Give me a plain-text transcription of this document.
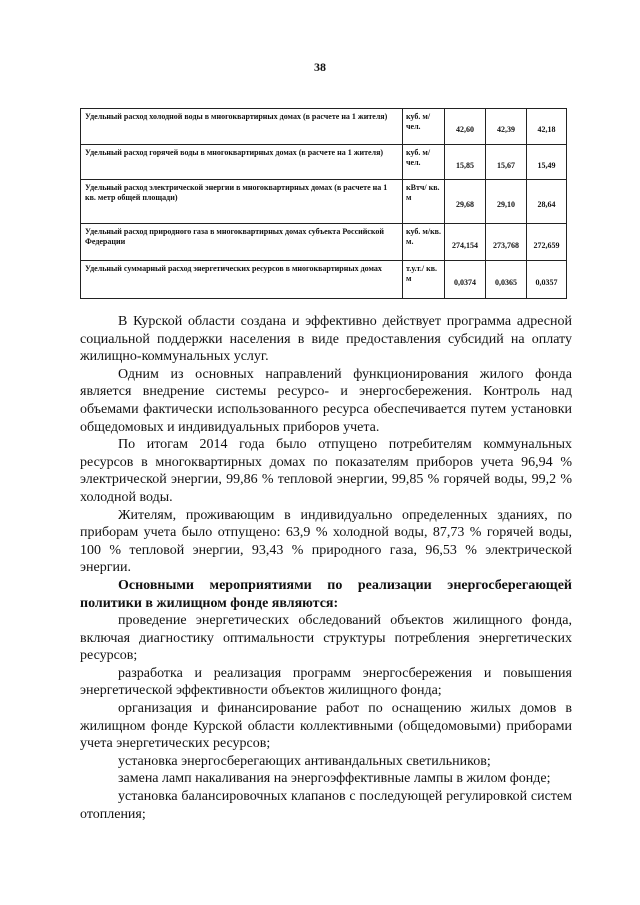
38
Удельный расход холодной воды в многоквартирных домах (в расчете на 1 жителя)	куб. м/чел.	42,60	42,39	42,18
Удельный расход горячей воды в многоквартирных домах (в расчете на 1 жителя)	куб. м/чел.	15,85	15,67	15,49
Удельный расход электрической энергии в многоквартирных домах (в расчете на 1 кв. метр общей площади)	кВтч/ кв. м	29,68	29,10	28,64
Удельный расход природного газа в многоквартирных домах субъекта Российской Федерации	куб. м/кв. м.	274,154	273,768	272,659
Удельный суммарный расход энергетических ресурсов в многоквартирных домах	т.у.т./ кв. м	0,0374	0,0365	0,0357

В Курской области создана и эффективно действует программа адресной социальной поддержки населения в виде предоставления субсидий на оплату жилищно-коммунальных услуг.

Одним из основных направлений функционирования жилого фонда является внедрение системы ресурсо- и энергосбережения. Контроль над объемами фактически использованного ресурса обеспечивается путем установки общедомовых и индивидуальных приборов учета.

По итогам 2014 года было отпущено потребителям коммунальных ресурсов в многоквартирных домах по показателям приборов учета 96,94 % электрической энергии, 99,86 % тепловой энергии, 99,85 % горячей воды, 99,2 % холодной воды.

Жителям, проживающим в индивидуально определенных зданиях, по приборам учета было отпущено: 63,9 % холодной воды, 87,73 % горячей воды, 100 % тепловой энергии, 93,43 % природного газа, 96,53 % электрической энергии.

Основными мероприятиями по реализации энергосберегающей политики в жилищном фонде являются:

проведение энергетических обследований объектов жилищного фонда, включая диагностику оптимальности структуры потребления энергетических ресурсов;

разработка и реализация программ энергосбережения и повышения энергетической эффективности объектов жилищного фонда;

организация и финансирование работ по оснащению жилых домов в жилищном фонде Курской области коллективными (общедомовыми) приборами учета энергетических ресурсов;

установка энергосберегающих антивандальных светильников;

замена ламп накаливания на энергоэффективные лампы в жилом фонде;

установка балансировочных клапанов с последующей регулировкой систем отопления;
